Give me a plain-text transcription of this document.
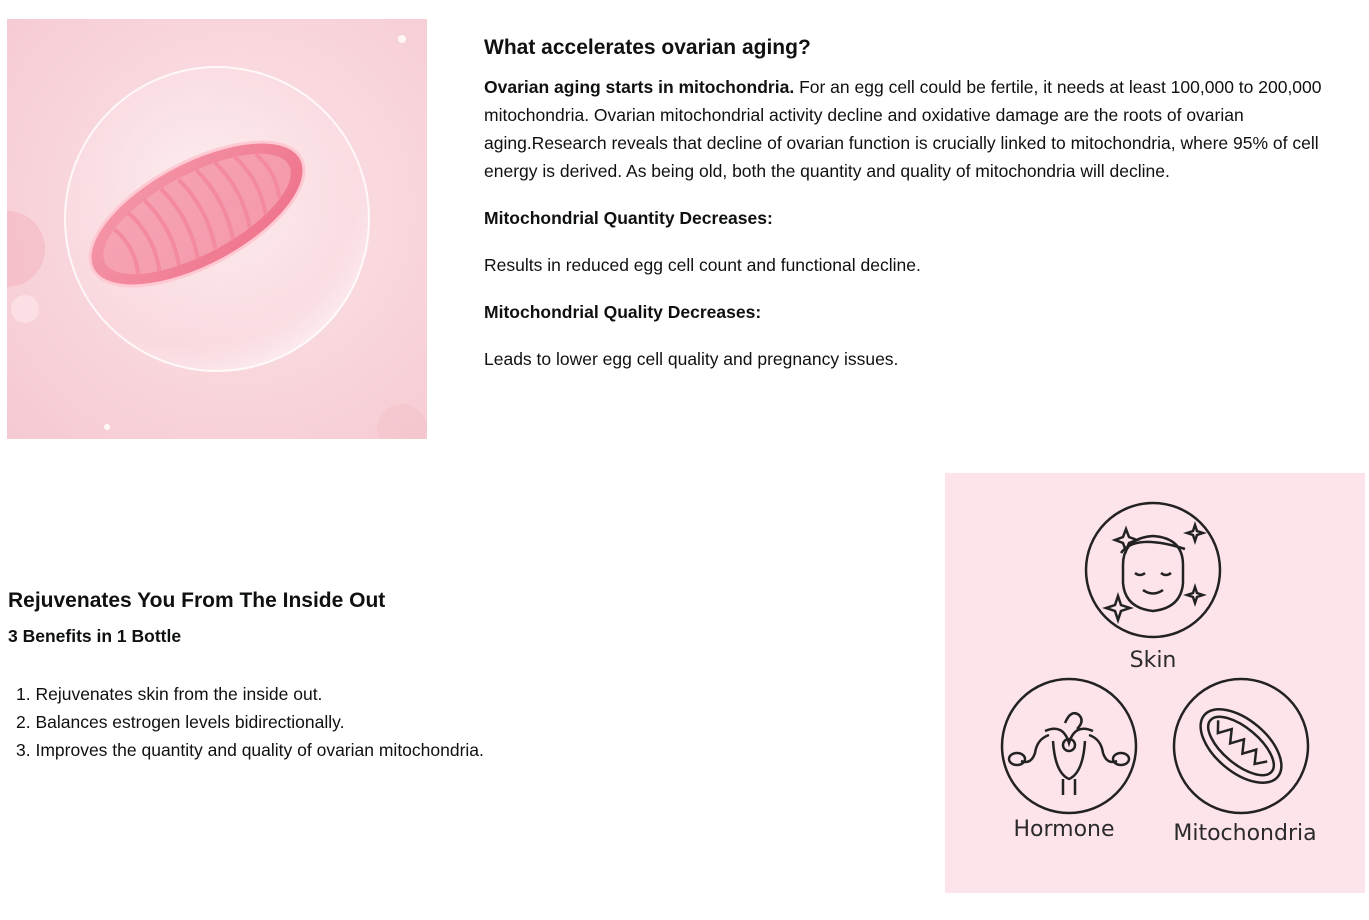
What accelerates ovarian aging?

Ovarian aging starts in mitochondria. For an egg cell could be fertile, it needs at least 100,000 to 200,000 mitochondria. Ovarian mitochondrial activity decline and oxidative damage are the roots of ovarian aging.Research reveals that decline of ovarian function is crucially linked to mitochondria, where 95% of cell energy is derived. As being old, both the quantity and quality of mitochondria will decline.

Mitochondrial Quantity Decreases:

Results in reduced egg cell count and functional decline.

Mitochondrial Quality Decreases:

Leads to lower egg cell quality and pregnancy issues.

Rejuvenates You From The Inside Out

3 Benefits in 1 Bottle

1. Rejuvenates skin from the inside out.
2. Balances estrogen levels bidirectionally.
3. Improves the quantity and quality of ovarian mitochondria.
Skin
Hormone	Mitochondria
